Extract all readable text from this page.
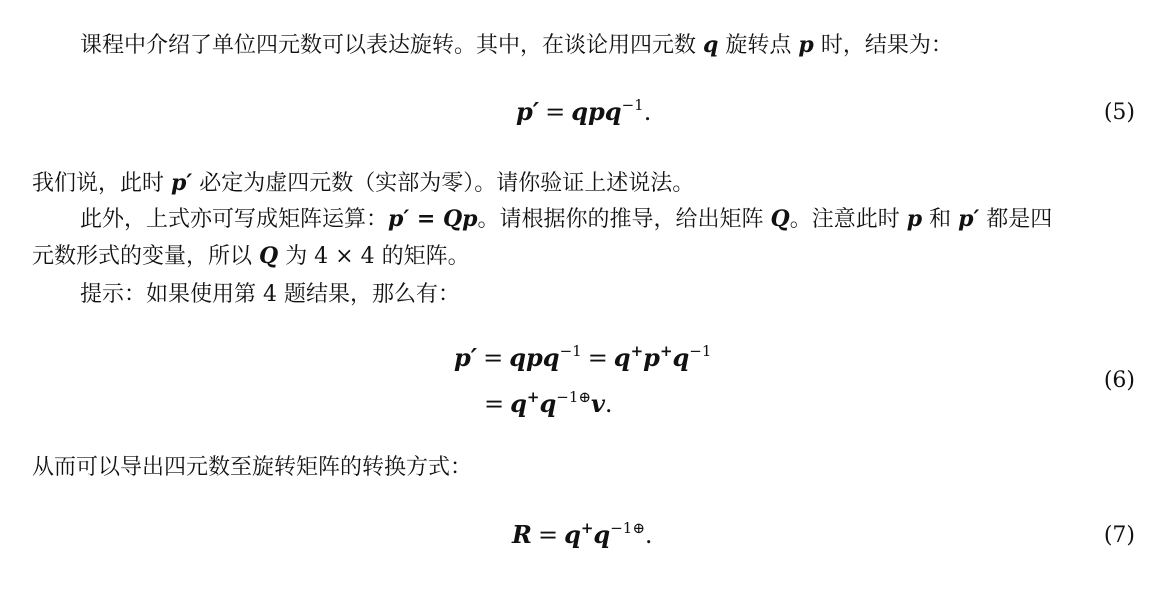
课程中介绍了单位四元数可以表达旋转。其中，在谈论用四元数 q 旋转点 p 时，结果为：
p′ = qpq$^{-1}$.	(5)
我们说，此时 p′ 必定为虚四元数（实部为零）。请你验证上述说法。
此外，上式亦可写成矩阵运算：p′ = Qp。请根据你的推导，给出矩阵 Q。注意此时 p 和 p′ 都是四
元数形式的变量，所以 Q 为 4 × 4 的矩阵。
提示：如果使用第 4 题结果，那么有：
$p' = qpq^{-1} = q^+p^+q^{-1}$
= $q^+q^{-1\oplus}v$.
(6)
从而可以导出四元数至旋转矩阵的转换方式：
$R = q^+q^{-1\oplus}$.	(7)
